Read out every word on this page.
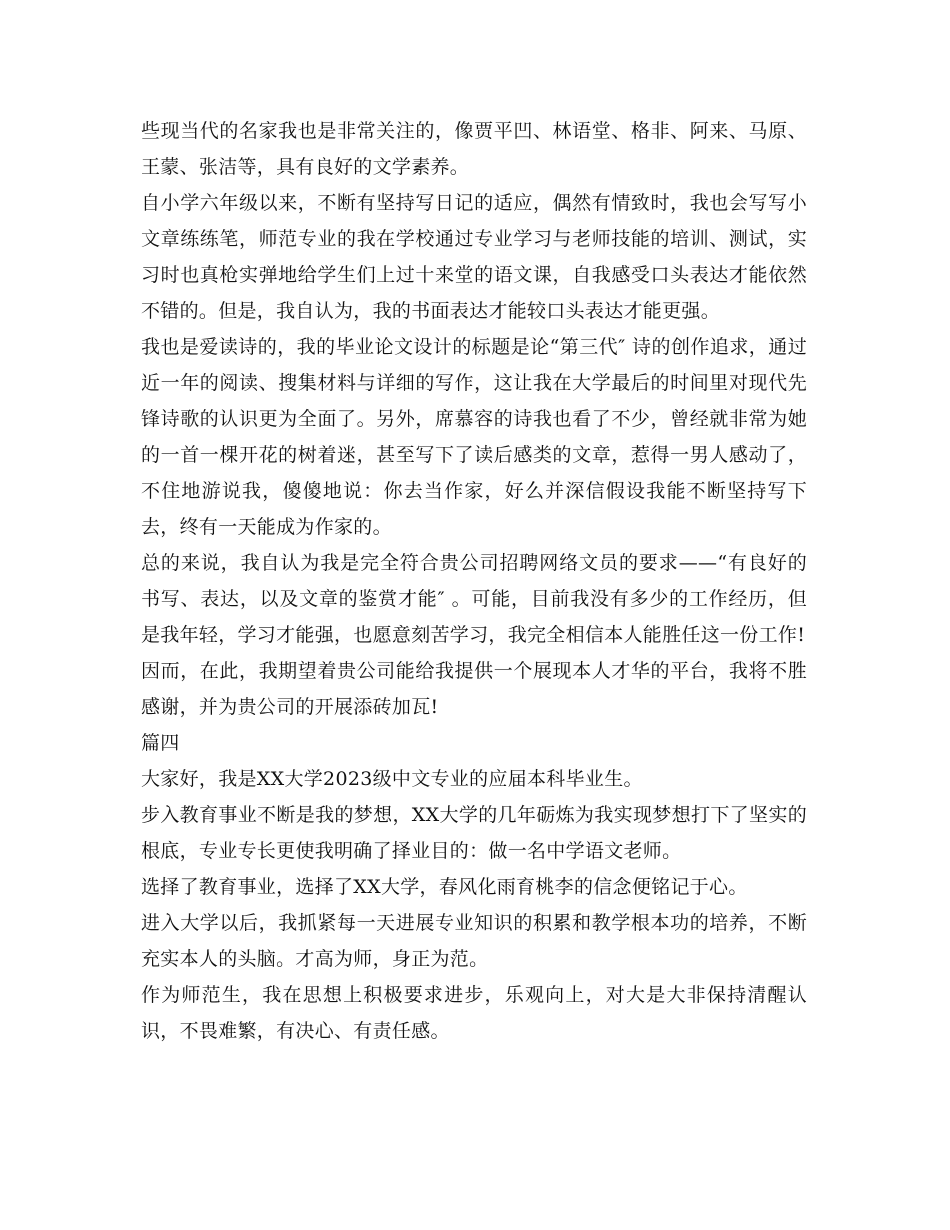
些现当代的名家我也是非常关注的，像贾平凹、林语堂、格非、阿来、马原、王蒙、张洁等，具有良好的文学素养。

自小学六年级以来，不断有坚持写日记的适应，偶然有情致时，我也会写写小文章练练笔，师范专业的我在学校通过专业学习与老师技能的培训、测试，实习时也真枪实弹地给学生们上过十来堂的语文课，自我感受口头表达才能依然不错的。但是，我自认为，我的书面表达才能较口头表达才能更强。

我也是爱读诗的，我的毕业论文设计的标题是论“第三代″ 诗的创作追求，通过近一年的阅读、搜集材料与详细的写作，这让我在大学最后的时间里对现代先锋诗歌的认识更为全面了。另外，席慕容的诗我也看了不少，曾经就非常为她的一首一棵开花的树着迷，甚至写下了读后感类的文章，惹得一男人感动了，不住地游说我，傻傻地说：你去当作家，好么并深信假设我能不断坚持写下去，终有一天能成为作家的。

总的来说，我自认为我是完全符合贵公司招聘网络文员的要求——“有良好的书写、表达，以及文章的鉴赏才能″ 。可能，目前我没有多少的工作经历，但是我年轻，学习才能强，也愿意刻苦学习，我完全相信本人能胜任这一份工作!

因而，在此，我期望着贵公司能给我提供一个展现本人才华的平台，我将不胜感谢，并为贵公司的开展添砖加瓦!

篇四

大家好，我是XX大学2023级中文专业的应届本科毕业生。

步入教育事业不断是我的梦想，XX大学的几年砺炼为我实现梦想打下了坚实的根底，专业专长更使我明确了择业目的：做一名中学语文老师。

选择了教育事业，选择了XX大学，春风化雨育桃李的信念便铭记于心。

进入大学以后，我抓紧每一天进展专业知识的积累和教学根本功的培养，不断充实本人的头脑。才高为师，身正为范。

作为师范生，我在思想上积极要求进步，乐观向上，对大是大非保持清醒认识，不畏难繁，有决心、有责任感。
